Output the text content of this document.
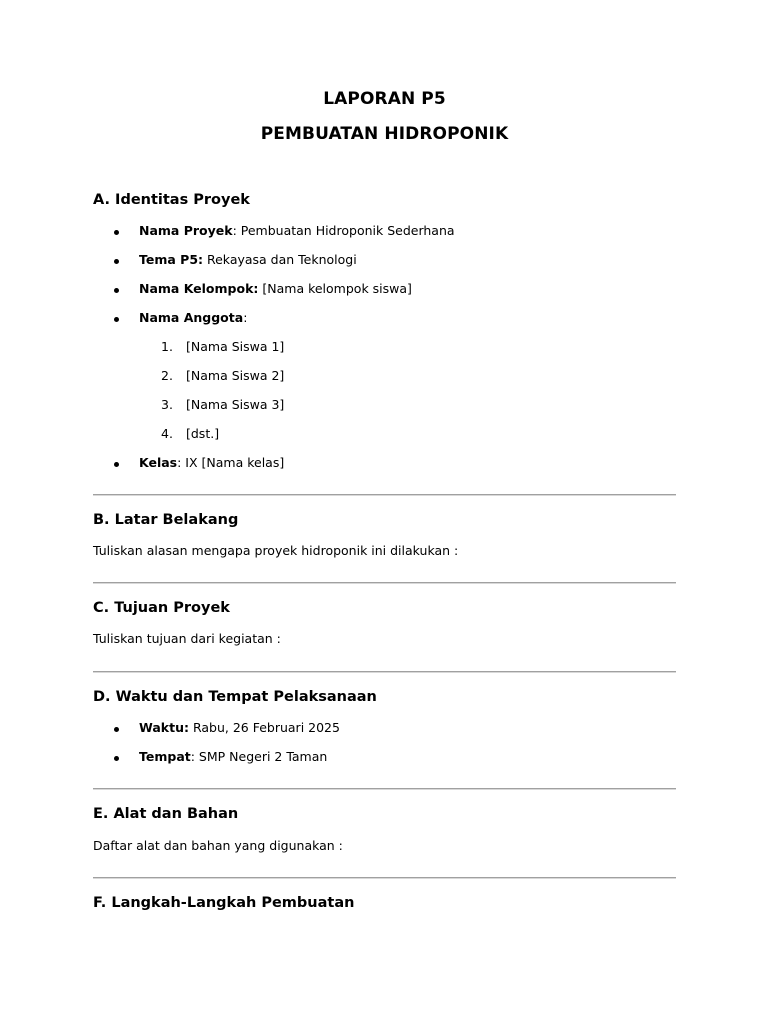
LAPORAN P5
PEMBUATAN HIDROPONIK
A. Identitas Proyek
Nama Proyek: Pembuatan Hidroponik Sederhana
Tema P5: Rekayasa dan Teknologi
Nama Kelompok: [Nama kelompok siswa]
Nama Anggota:
1. [Nama Siswa 1]
2. [Nama Siswa 2]
3. [Nama Siswa 3]
4. [dst.]
Kelas: IX [Nama kelas]
B. Latar Belakang
Tuliskan alasan mengapa proyek hidroponik ini dilakukan :
C. Tujuan Proyek
Tuliskan tujuan dari kegiatan :
D. Waktu dan Tempat Pelaksanaan
Waktu: Rabu, 26 Februari 2025
Tempat: SMP Negeri 2 Taman
E. Alat dan Bahan
Daftar alat dan bahan yang digunakan :
F. Langkah-Langkah Pembuatan
